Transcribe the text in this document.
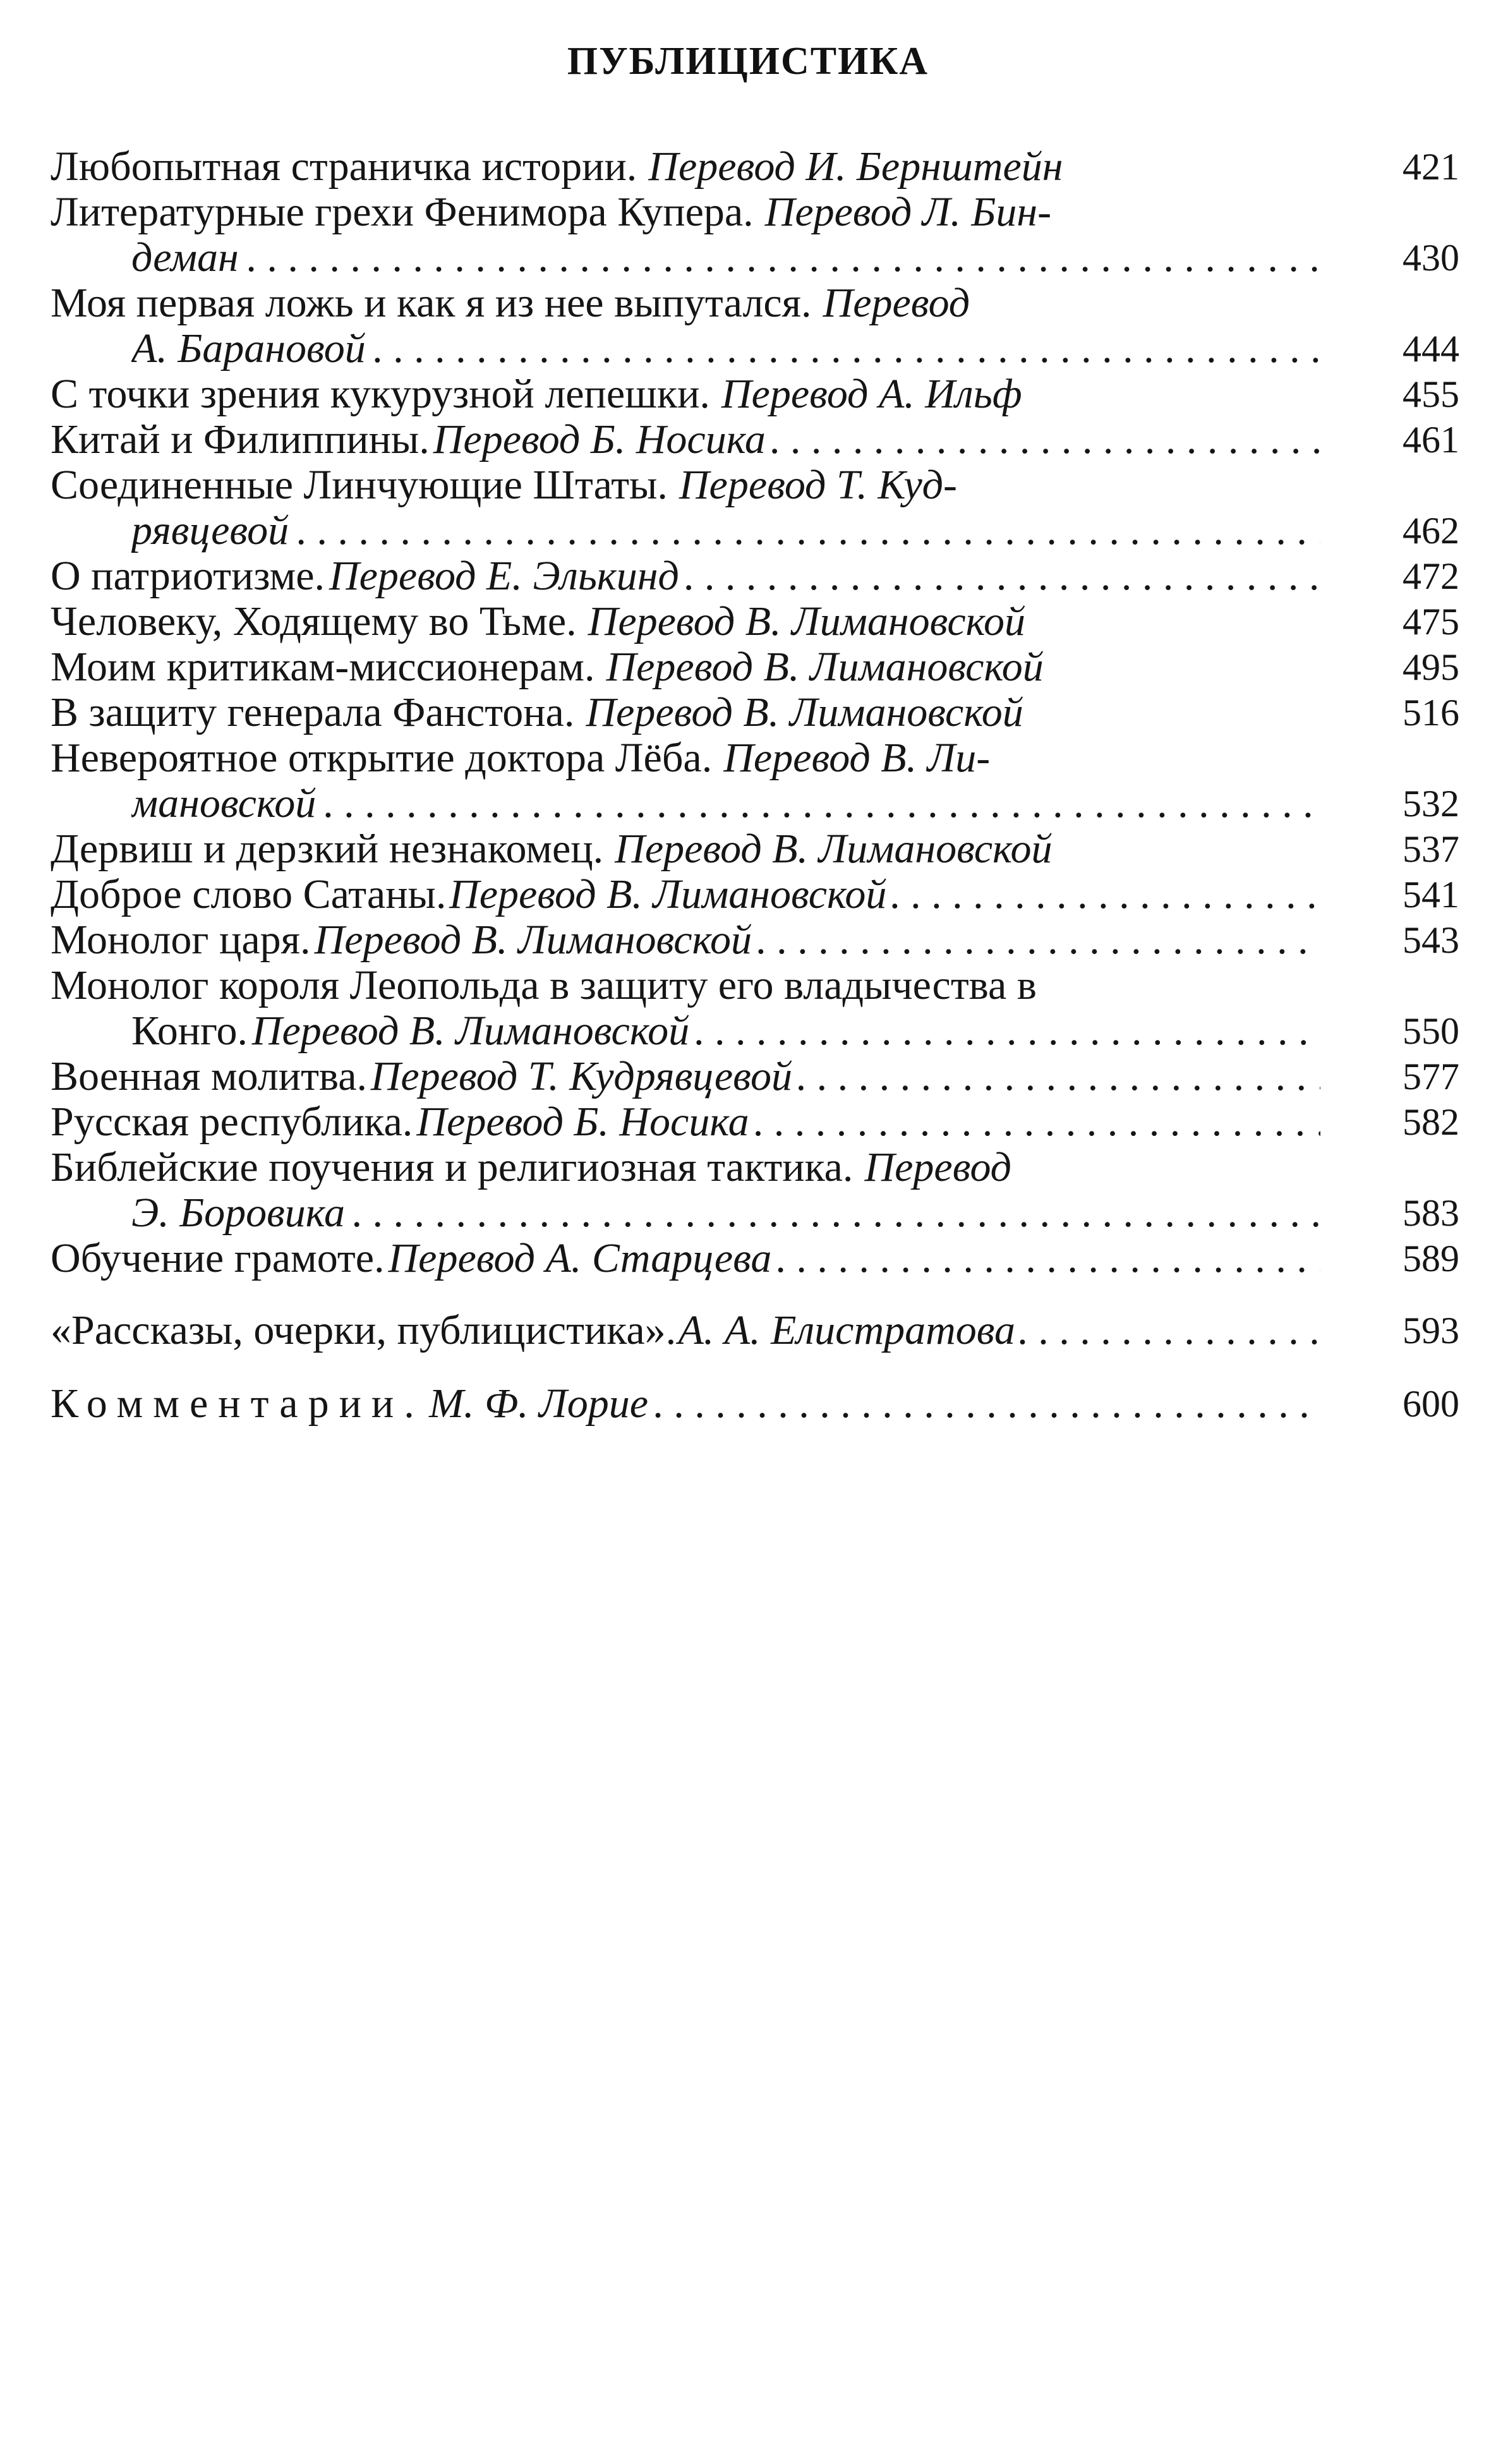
ПУБЛИЦИСТИКА
Любопытная страничка истории. Перевод И. Бернштейн	421
Литературные грехи Фенимора Купера. Перевод Л. Бин-
деман . . .	430
Моя первая ложь и как я из нее выпутался. Перевод
А. Барановой . . .	444
С точки зрения кукурузной лепешки. Перевод А. Ильф	455
Китай и Филиппины. Перевод Б. Носика . . .	461
Соединенные Линчующие Штаты. Перевод Т. Куд-
рявцевой . . .	462
О патриотизме. Перевод Е. Элькинд . . .	472
Человеку, Ходящему во Тьме. Перевод В. Лимановской	475
Моим критикам-миссионерам. Перевод В. Лимановской	495
В защиту генерала Фанстона. Перевод В. Лимановской	516
Невероятное открытие доктора Лёба. Перевод В. Ли-
мановской . . .	532
Дервиш и дерзкий незнакомец. Перевод В. Лимановской	537
Доброе слово Сатаны. Перевод В. Лимановской . . .	541
Монолог царя. Перевод В. Лимановской . . .	543
Монолог короля Леопольда в защиту его владычества в
Конго. Перевод В. Лимановской . . .	550
Военная молитва. Перевод Т. Кудрявцевой . . .	577
Русская республика. Перевод Б. Носика . . .	582
Библейские поучения и религиозная тактика. Перевод
Э. Боровика . . .	583
Обучение грамоте. Перевод А. Старцева . . .	589
«Рассказы, очерки, публицистика». А. А. Елистратова . . .	593
Комментарии. М. Ф. Лорие . . .	600
